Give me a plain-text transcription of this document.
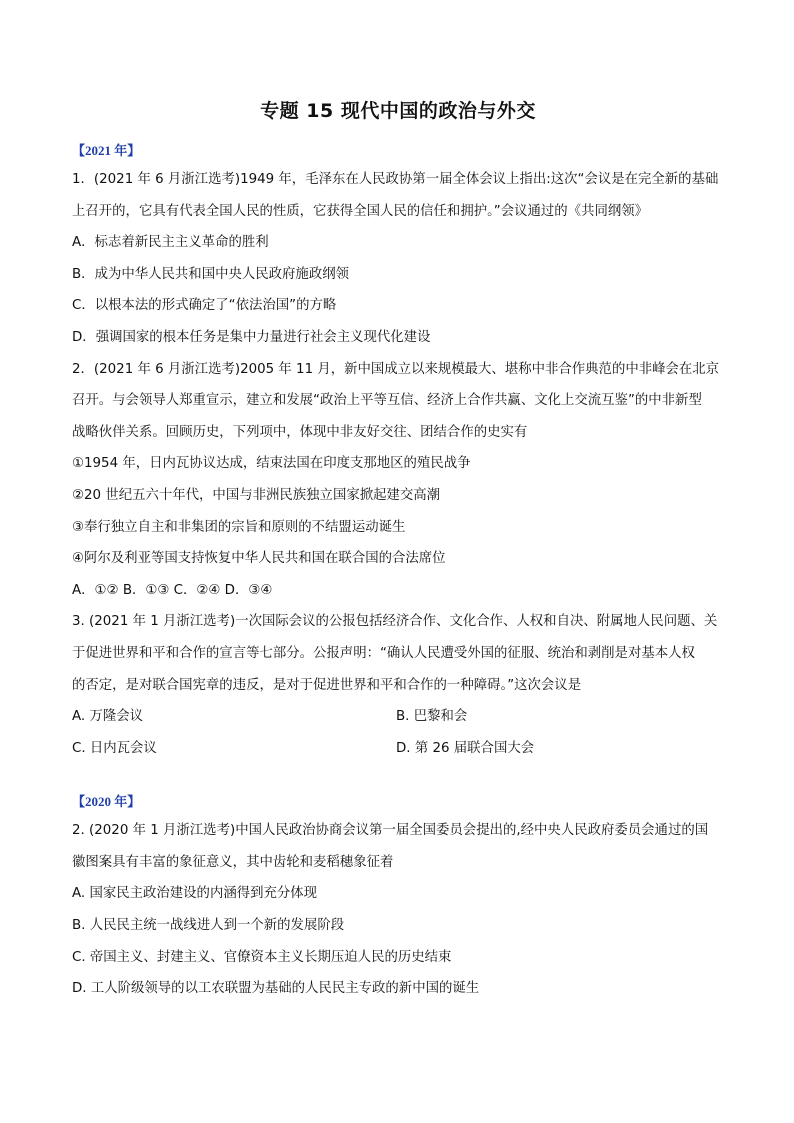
专题 15 现代中国的政治与外交
【2021 年】
1．(2021 年 6 月浙江选考)1949 年，毛泽东在人民政协第一届全体会议上指出:这次“会议是在完全新的基础
上召开的，它具有代表全国人民的性质，它获得全国人民的信任和拥护。”会议通过的《共同纲领》
A．标志着新民主主义革命的胜利
B．成为中华人民共和国中央人民政府施政纲领
C．以根本法的形式确定了“依法治国”的方略
D．强调国家的根本任务是集中力量进行社会主义现代化建设
2．(2021 年 6 月浙江选考)2005 年 11 月，新中国成立以来规模最大、堪称中非合作典范的中非峰会在北京
召开。与会领导人郑重宣示，建立和发展“政治上平等互信、经济上合作共赢、文化上交流互鉴”的中非新型
战略伙伴关系。回顾历史，下列项中，体现中非友好交往、团结合作的史实有
①1954 年，日内瓦协议达成，结束法国在印度支那地区的殖民战争
②20 世纪五六十年代，中国与非洲民族独立国家掀起建交高潮
③奉行独立自主和非集团的宗旨和原则的不结盟运动诞生
④阿尔及利亚等国支持恢复中华人民共和国在联合国的合法席位
A．①② B．①③ C．②④ D．③④
3. (2021 年 1 月浙江选考)一次国际会议的公报包括经济合作、文化合作、人权和自决、附属地人民问题、关
于促进世界和平和合作的宣言等七部分。公报声明：“确认人民遭受外国的征服、统治和剥削是对基本人权
的否定，是对联合国宪章的违反，是对于促进世界和平和合作的一种障碍。”这次会议是
A. 万隆会议	B. 巴黎和会
C. 日内瓦会议	D. 第 26 届联合国大会
【2020 年】
2. (2020 年 1 月浙江选考)中国人民政治协商会议第一届全国委员会提出的,经中央人民政府委员会通过的国
徽图案具有丰富的象征意义，其中齿轮和麦稻穗象征着
A. 国家民主政治建设的内涵得到充分体现
B. 人民民主统一战线进人到一个新的发展阶段
C. 帝国主义、封建主义、官僚资本主义长期压迫人民的历史结束
D. 工人阶级领导的以工农联盟为基础的人民民主专政的新中国的诞生
